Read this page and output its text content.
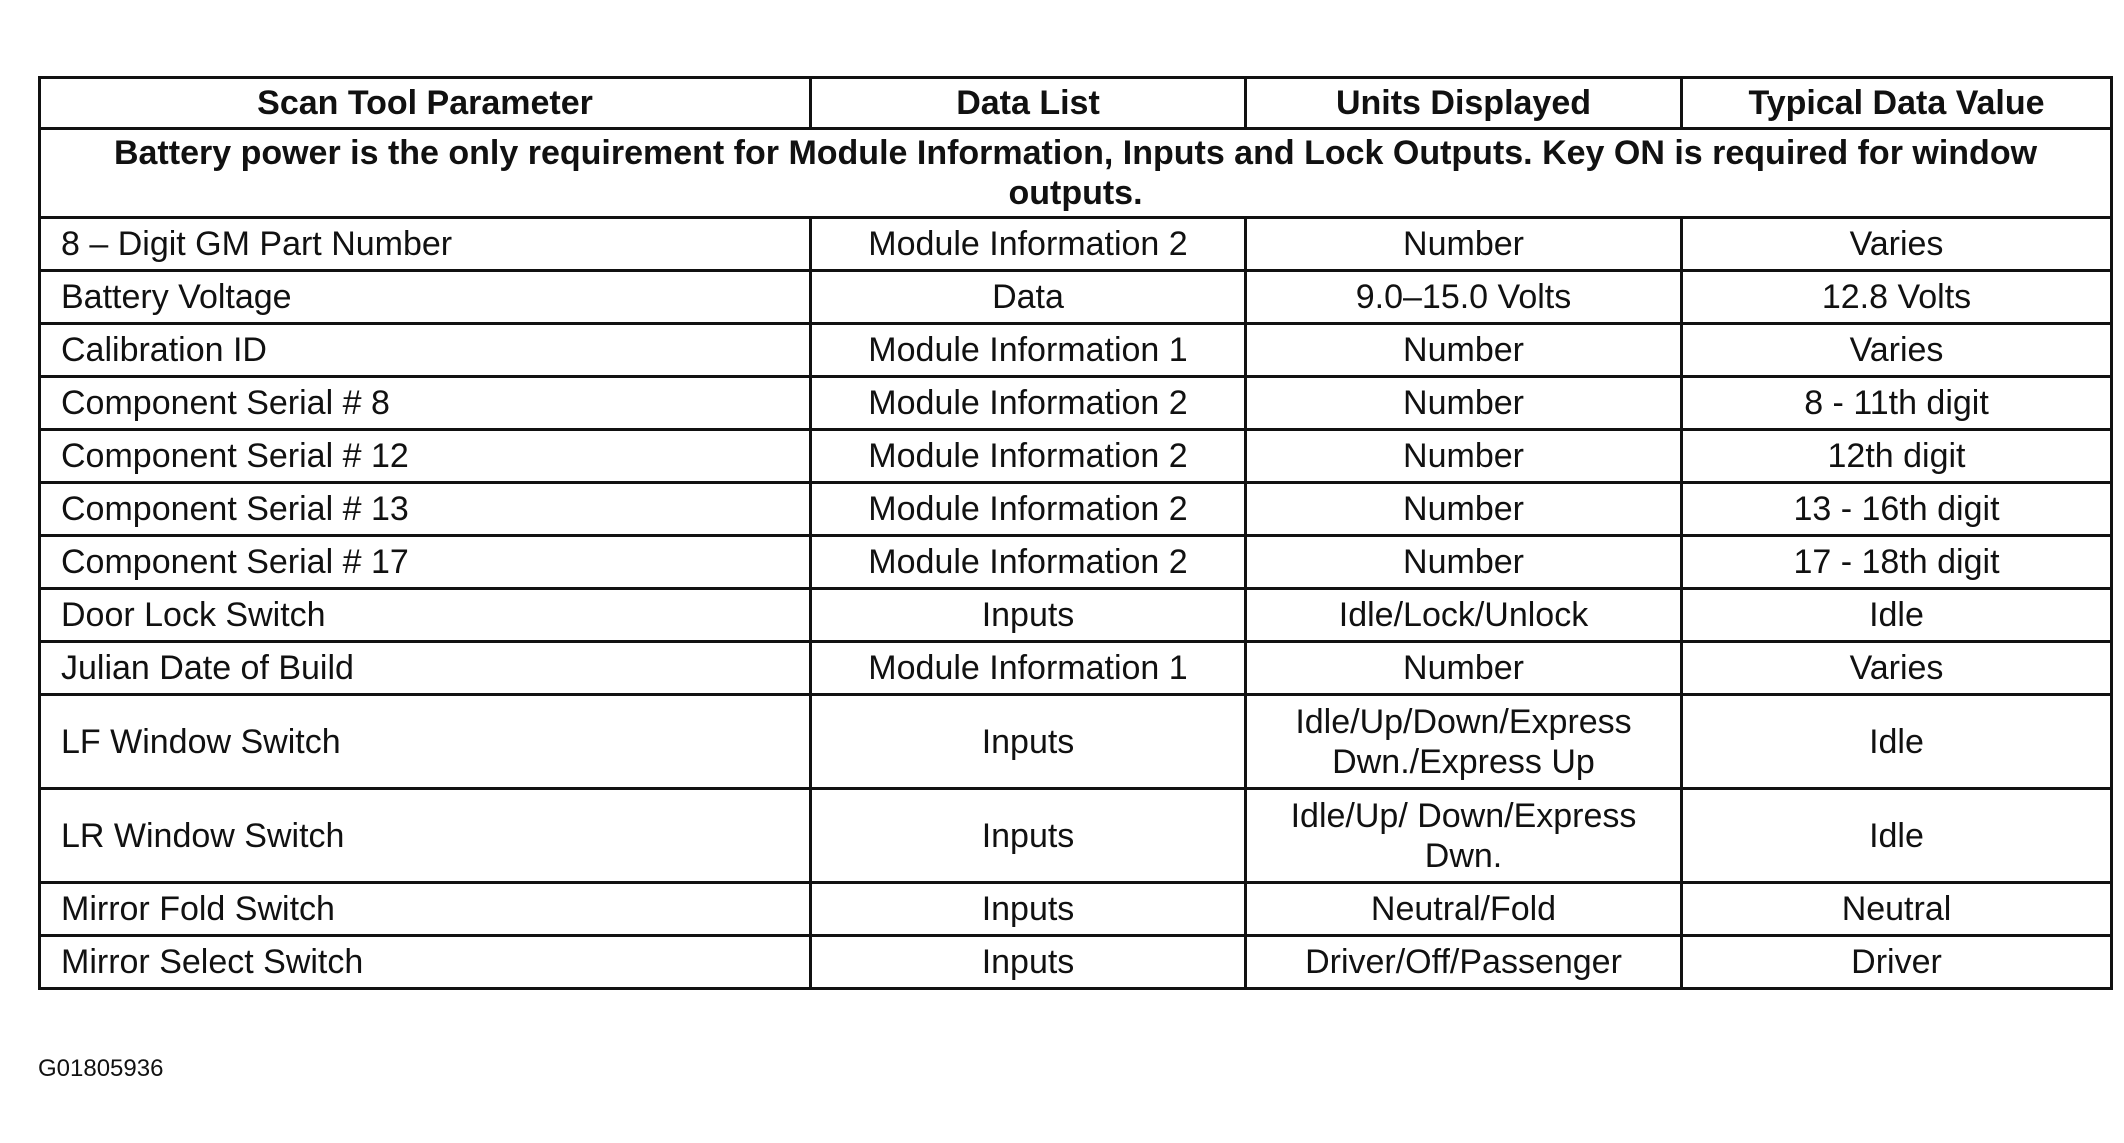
Scan Tool Parameter	Data List	Units Displayed	Typical Data Value
Battery power is the only requirement for Module Information, Inputs and Lock Outputs. Key ON is required for window outputs.			
8 – Digit GM Part Number	Module Information 2	Number	Varies
Battery Voltage	Data	9.0–15.0 Volts	12.8 Volts
Calibration ID	Module Information 1	Number	Varies
Component Serial # 8	Module Information 2	Number	8 - 11th digit
Component Serial # 12	Module Information 2	Number	12th digit
Component Serial # 13	Module Information 2	Number	13 - 16th digit
Component Serial # 17	Module Information 2	Number	17 - 18th digit
Door Lock Switch	Inputs	Idle/Lock/Unlock	Idle
Julian Date of Build	Module Information 1	Number	Varies
LF Window Switch	Inputs	Idle/Up/Down/Express Dwn./Express Up	Idle
LR Window Switch	Inputs	Idle/Up/ Down/Express Dwn.	Idle
Mirror Fold Switch	Inputs	Neutral/Fold	Neutral
Mirror Select Switch	Inputs	Driver/Off/Passenger	Driver
G01805936
